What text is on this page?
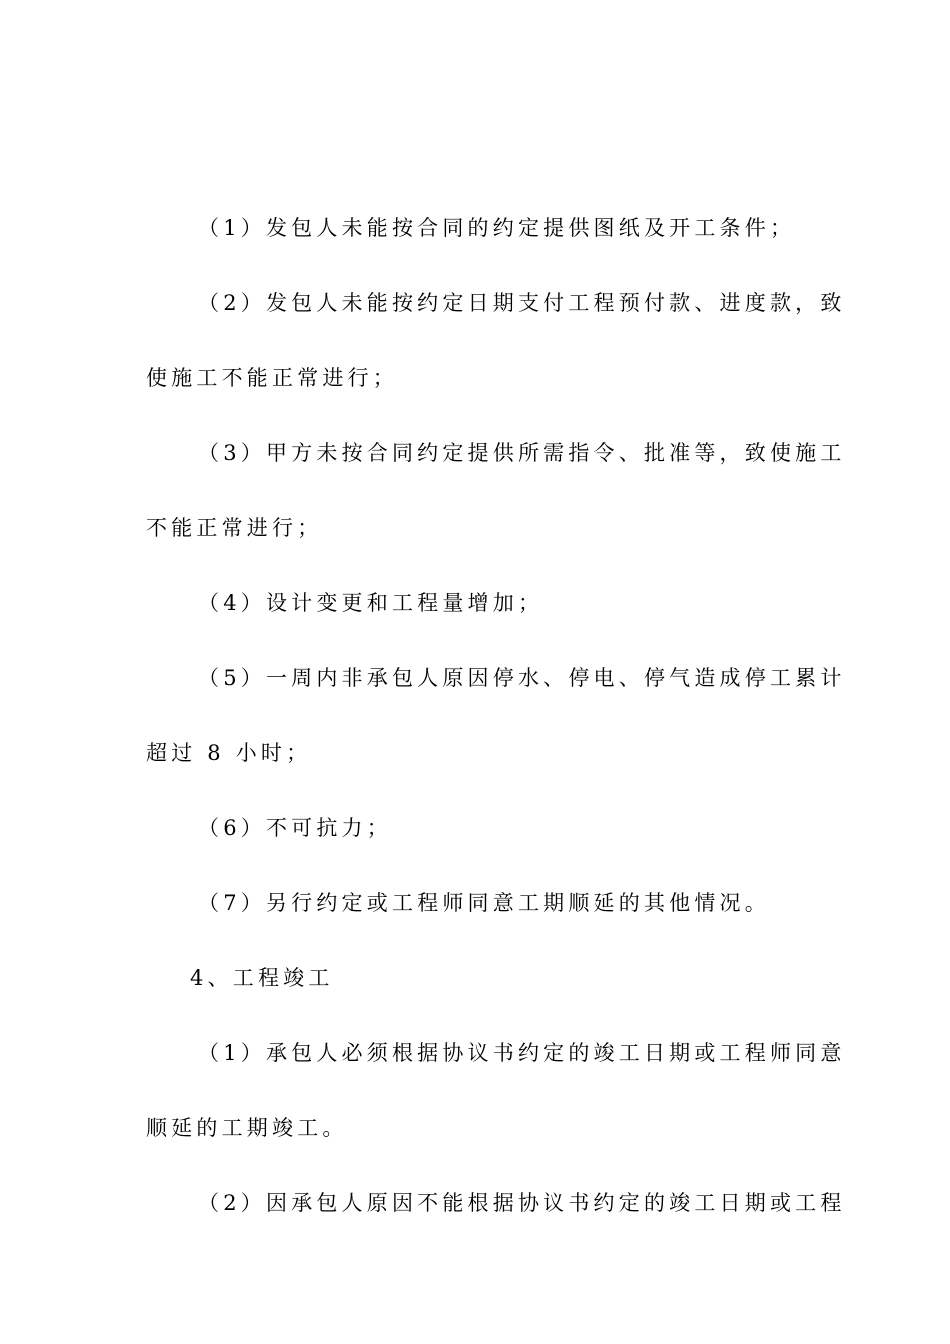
（1）发包人未能按合同的约定提供图纸及开工条件；
（2）发包人未能按约定日期支付工程预付款、进度款，致
使施工不能正常进行；
（3）甲方未按合同约定提供所需指令、批准等，致使施工
不能正常进行；
（4）设计变更和工程量增加；
（5）一周内非承包人原因停水、停电、停气造成停工累计
超过 8 小时；
（6）不可抗力；
（7）另行约定或工程师同意工期顺延的其他情况。
4、工程竣工
（1）承包人必须根据协议书约定的竣工日期或工程师同意
顺延的工期竣工。
（2）因承包人原因不能根据协议书约定的竣工日期或工程
